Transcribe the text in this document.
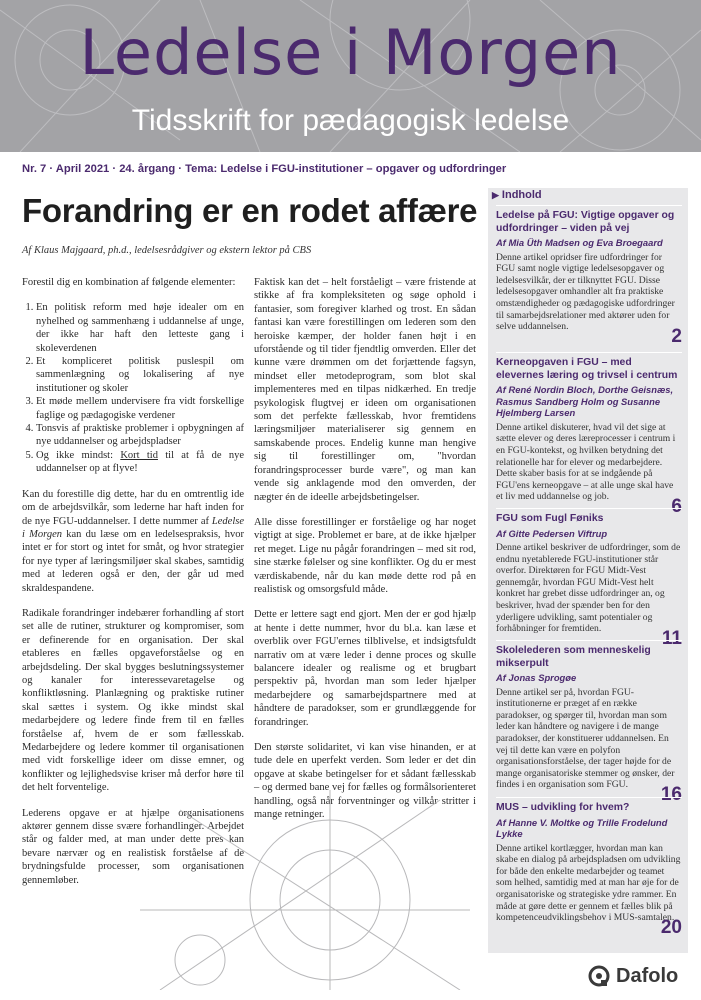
Ledelse i Morgen
Tidsskrift for pædagogisk ledelse
Nr. 7 · April 2021 · 24. årgang · Tema: Ledelse i FGU-institutioner – opgaver og udfordringer
Forandring er en rodet affære
Af Klaus Majgaard, ph.d., ledelsesrådgiver og ekstern lektor på CBS

Forestil dig en kombination af følgende elementer:

1. En politisk reform med høje idealer om en nyhelhed og sammenhæng i uddannelse af unge, der ikke har haft den letteste gang i skoleverdenen
2. Et kompliceret politisk puslespil om sammenlægning og lokalisering af nye institutioner og skoler
3. Et møde mellem undervisere fra vidt forskellige faglige og pædagogiske verdener
4. Tonsvis af praktiske problemer i opbygningen af nye uddannelser og arbejdspladser
5. Og ikke mindst: Kort tid til at få de nye uddannelser op at flyve!

Kan du forestille dig dette, har du en omtrentlig ide om de arbejdsvilkår, som lederne har haft inden for de nye FGU-uddannelser. I dette nummer af Ledelse i Morgen kan du læse om en ledelsespraksis, hvor intet er for stort og intet for småt, og hvor strategier for nye typer af læringsmiljøer skal skabes, samtidig med at lederen også er den, der går ud med skraldespandene.

Radikale forandringer indebærer forhandling af stort set alle de rutiner, strukturer og kompromiser, som er definerende for en organisation. Der skal etableres en fælles opgaveforståelse og en arbejdsdeling. Der skal bygges beslutningssystemer og kanaler for interessevaretagelse og konfliktløsning. Planlægning og praktiske rutiner skal sættes i system. Og ikke mindst skal medarbejdere og ledere finde frem til en fælles forståelse af, hvem de er som fællesskab. Medarbejdere og ledere kommer til organisationen med vidt forskellige ideer om disse emner, og konflikter og lejlighedsvise kriser må derfor høre til det helt forventelige.

Lederens opgave er at hjælpe organisationens aktører gennem disse svære forhandlinger. Arbejdet står og falder med, at man under dette pres kan bevare nærvær og en realistisk forståelse af de brydningsfulde processer, som organisationen gennemløber.

Faktisk kan det – helt forståeligt – være fristende at stikke af fra kompleksiteten og søge ophold i fantasier, som foregiver klarhed og trost. En sådan fantasi kan være forestillingen om lederen som den heroiske kæmper, der holder fanen højt i en uforstående og til tider fjendtlig omverden. Eller det kunne være drømmen om det forjættende fagsyn, mindset eller metodeprogram, som blot skal implementeres med en tilpas nidkærhed. En tredje psykologisk flugtvej er ideen om organisationen som det perfekte fællesskab, hvor fremtidens læringsmiljøer materialiserer sig gennem en samskabende proces. Endelig kunne man hengive sig til forestillinger om, "hvordan forandringsprocesser burde være", og man kan vende sig anklagende mod den omverden, der nægter én de ideelle arbejdsbetingelser.

Alle disse forestillinger er forståelige og har noget vigtigt at sige. Problemet er bare, at de ikke hjælper ret meget. Lige nu pågår forandringen – med sit rod, sine stærke følelser og sine konflikter. Og du er mest værdiskabende, når du kan møde dette rod på en realistisk og omsorgsfuld måde.

Dette er lettere sagt end gjort. Men der er god hjælp at hente i dette nummer, hvor du bl.a. kan læse et overblik over FGU'ernes tilblivelse, et indsigtsfuldt narrativ om at være leder i denne proces og skulle balancere idealer og realisme og et brugbart perspektiv på, hvordan man som leder hjælper medarbejdere og samarbejdspartnere med at håndtere de paradokser, som er grundlæggende for forandringer.

Den største solidaritet, vi kan vise hinanden, er at tude dele en uperfekt verden. Som leder er det din opgave at skabe betingelser for et sådant fællesskab – og dermed bane vej for fælles og formålsorienteret handling, også når forventninger og vilkår stritter i mange retninger.

▶ Indhold
Ledelse på FGU: Vigtige opgaver og udfordringer – viden på vej
Af Mia Üth Madsen og Eva Broegaard
Denne artikel opridser fire udfordringer for FGU samt nogle vigtige ledelsesopgaver og ledelsesvilkår, der er tilknyttet FGU. Disse ledelsesopgaver omhandler alt fra praktiske omstændigheder og pædagogiske udfordringer til samarbejdsrelationer med aktører uden for selve uddannelsen.	2
Kerneopgaven i FGU – med elevernes læring og trivsel i centrum
Af René Nordin Bloch, Dorthe Geisnæs, Rasmus Sandberg Holm og Susanne Hjelmberg Larsen
Denne artikel diskuterer, hvad vil det sige at sætte elever og deres læreprocesser i centrum i en FGU-kontekst, og hvilken betydning det relationelle har for elever og medarbejdere. Dette skaber basis for at se indgående på FGU'ens kerneopgave – at alle unge skal have et liv med uddannelse og job.	6
FGU som Fugl Føniks
Af Gitte Pedersen Viftrup
Denne artikel beskriver de udfordringer, som de endnu nyetablerede FGU-institutioner står overfor. Direktøren for FGU Midt-Vest gennemgår, hvordan FGU Midt-Vest helt konkret har grebet disse udfordringer an, og beskriver, hvad der spænder ben for den yderligere udvikling, samt potentialer og forhåbninger for fremtiden.	11
Skolelederen som menneskelig mikserpult
Af Jonas Sprogøe
Denne artikel ser på, hvordan FGU-institutionerne er præget af en række paradokser, og spørger til, hvordan man som leder kan håndtere og navigere i de mange paradokser, der konstituerer uddannelsen. En vej til dette kan være en polyfon organisationsforståelse, der tager højde for de mange organisatoriske stemmer og ønsker, der findes i en organisation som FGU.	16
MUS – udvikling for hvem?
Af Hanne V. Moltke og Trille Frodelund Lykke
Denne artikel kortlægger, hvordan man kan skabe en dialog på arbejdspladsen om udvikling for både den enkelte medarbejder og teamet som helhed, samtidig med at man har øje for de organisatoriske og strategiske ydre rammer. En måde at gøre dette er gennem et fælles blik på kompetenceudviklingsbehov i MUS-samtalen.
20
Dafolo
